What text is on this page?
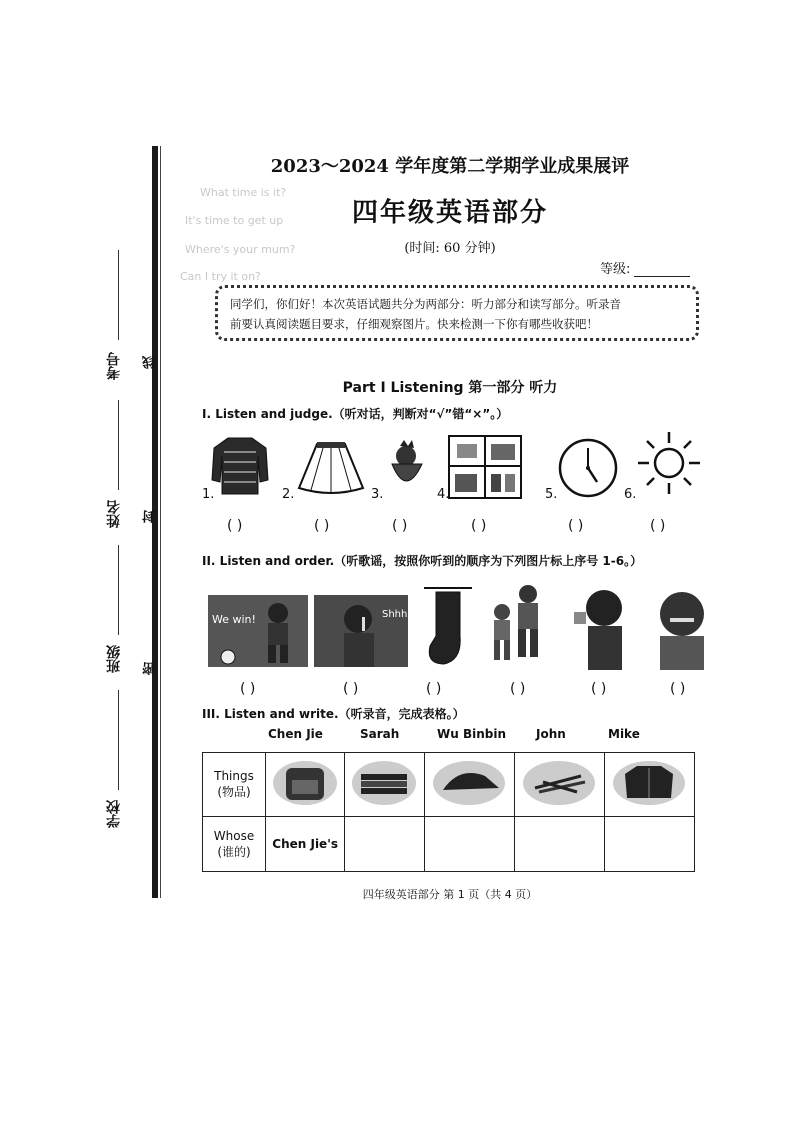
What time is it?
It's time to get up
Where's your mum?
Can I try it on?
考号 线
姓名 封
班级 密
学校
2023～2024 学年度第二学期学业成果展评
四年级英语部分
(时间: 60 分钟)
等级:
同学们，你们好！本次英语试题共分为两部分：听力部分和读写部分。听录音
前要认真阅读题目要求，仔细观察图片。快来检测一下你有哪些收获吧！
Part I Listening 第一部分 听力
I. Listen and judge.（听对话，判断对“√”错“×”。）
1.	2.	3.	4.	5.	6.
( )	( )	( )	( )	( )	( )
II. Listen and order.（听歌谣，按照你听到的顺序为下列图片标上序号 1-6。）
We win!	Shhh
( )	( )	( )	( )	( )	( )
III. Listen and write.（听录音，完成表格。）
Chen Jie	Sarah	Wu Binbin John	Mike
Things
(物品)

Whose
(谁的)	Chen Jie's				
四年级英语部分 第 1 页（共 4 页）
